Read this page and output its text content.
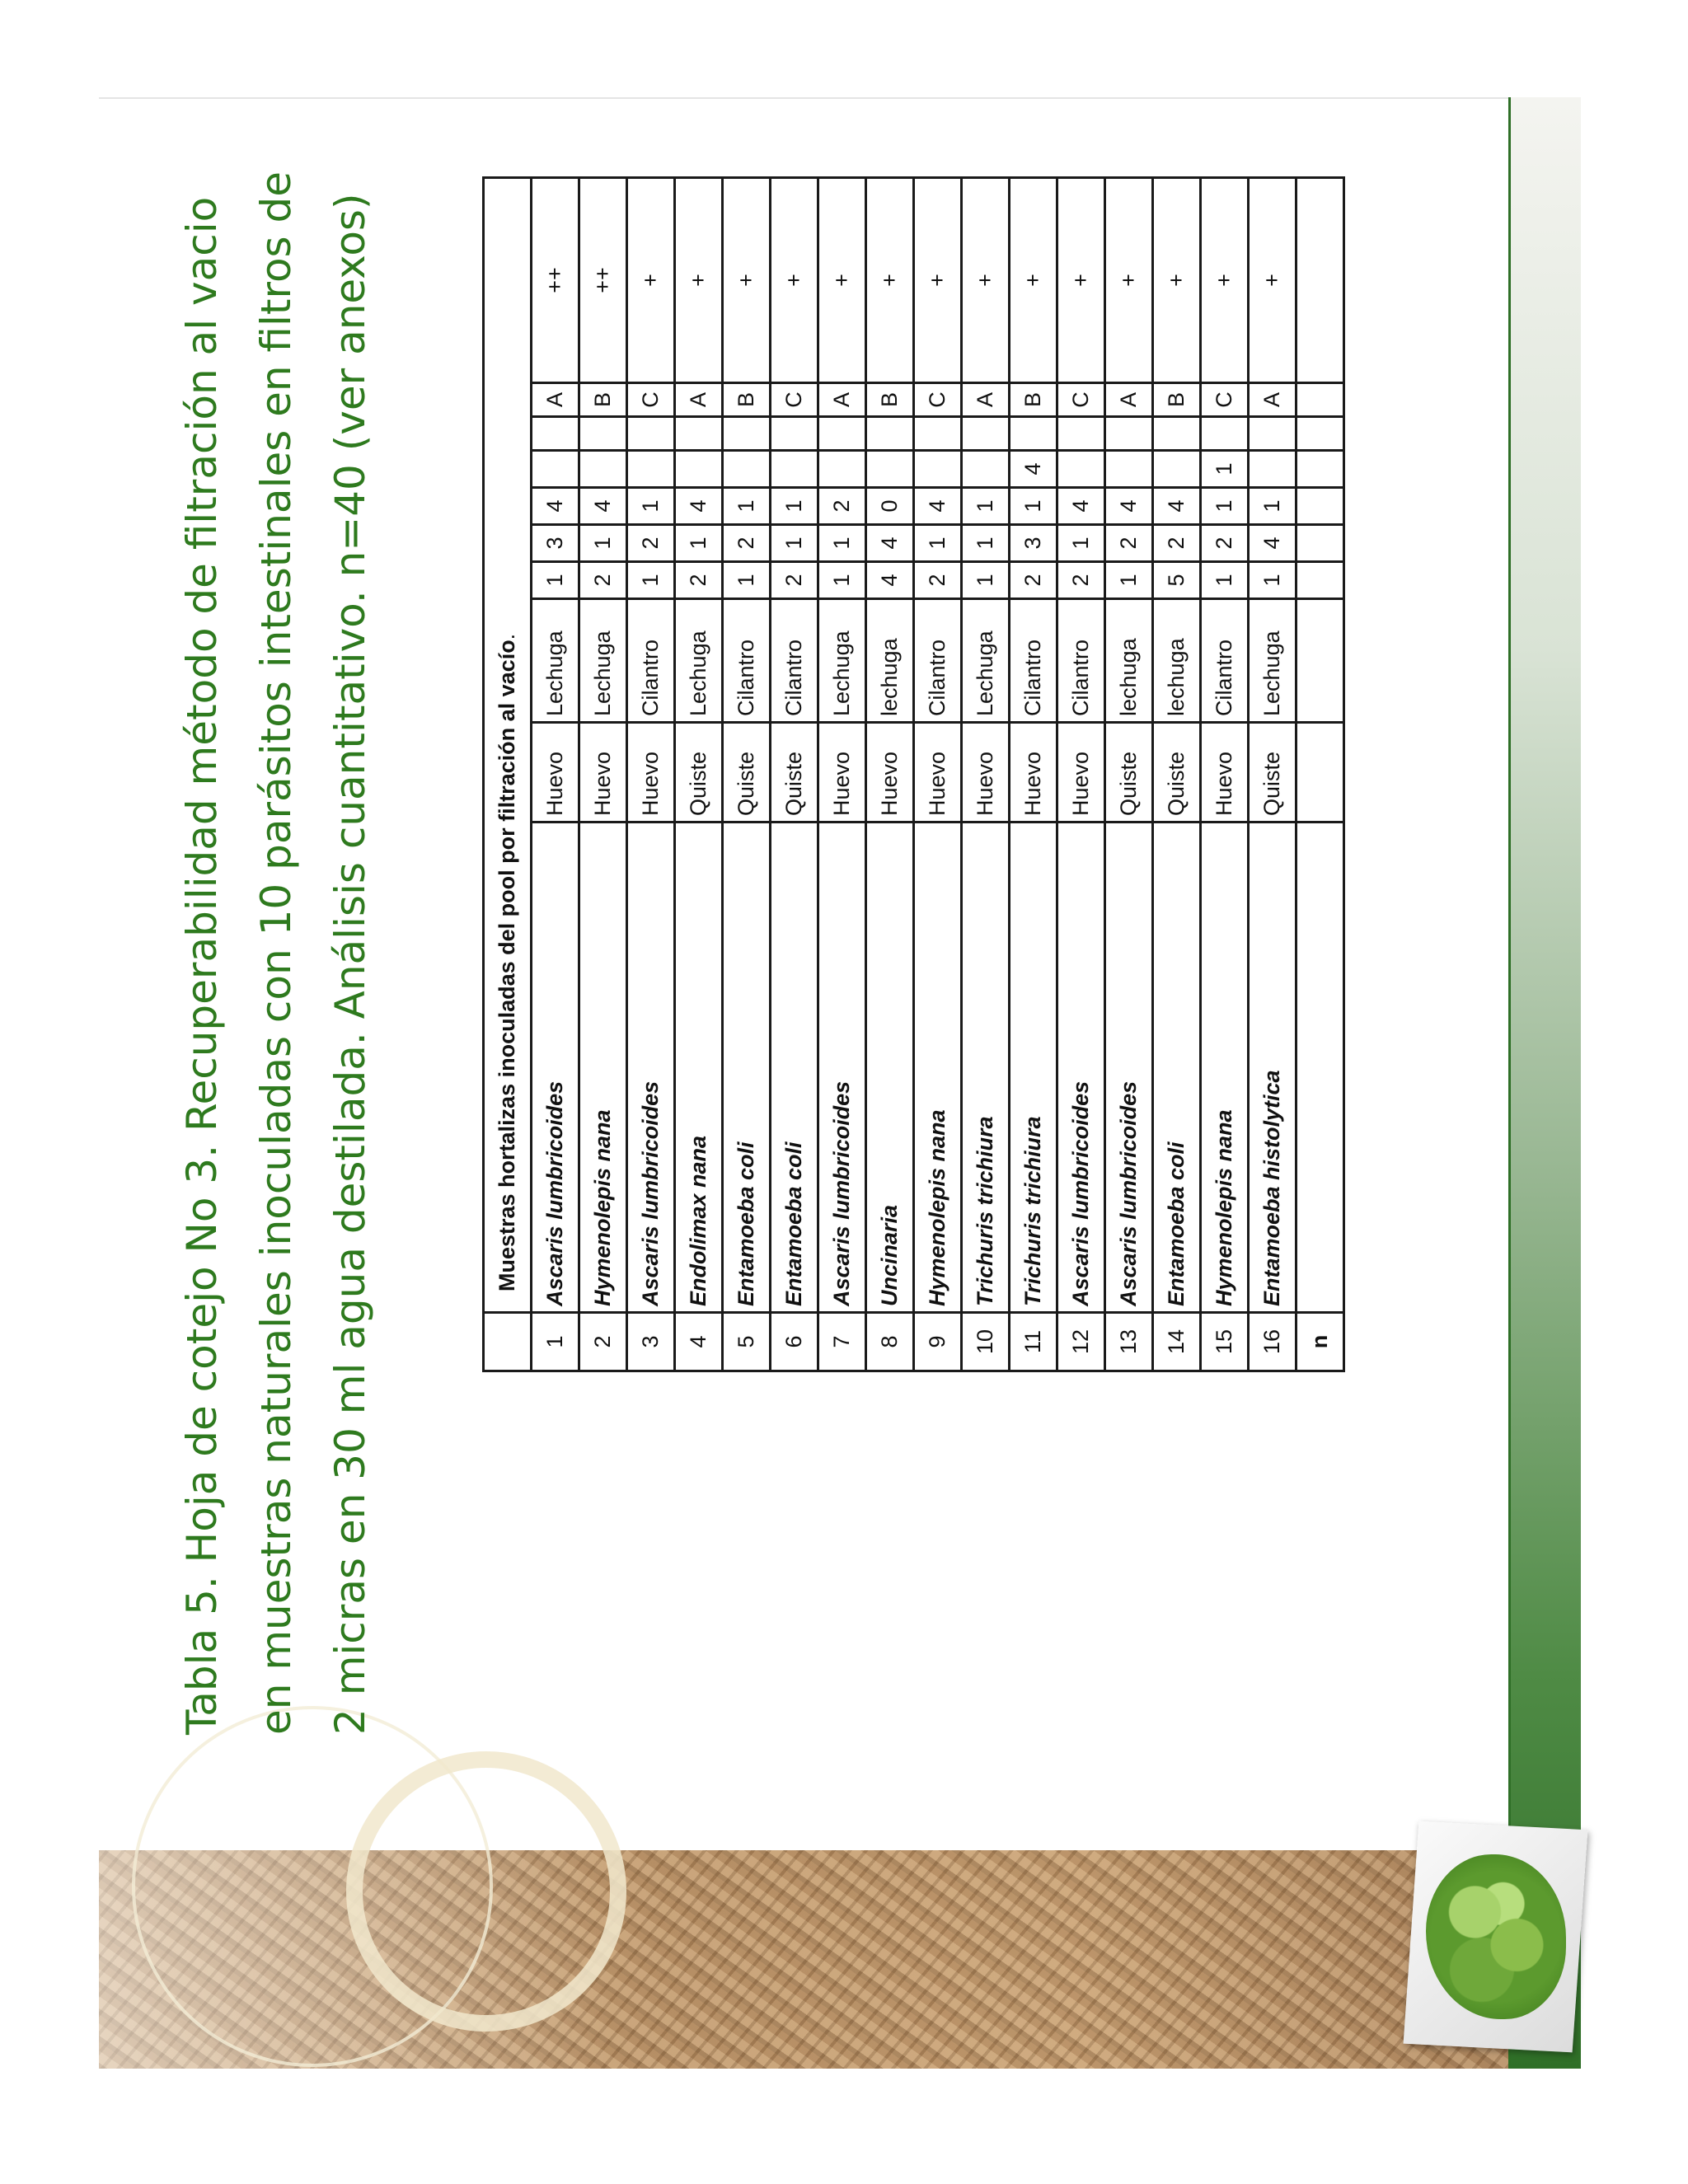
Tabla 5. Hoja de cotejo No 3. Recuperabilidad método de filtración al vacio en muestras naturales inoculadas con 10 parásitos intestinales en filtros de 2 micras en 30 ml agua destilada. Análisis cuantitativo. n=40 (ver anexos)

		Muestras hortalizas inoculadas del pool por filtración al vacío.									
1	Ascaris lumbricoides	Huevo	Lechuga	1	3	4			A	++
2	Hymenolepis nana	Huevo	Lechuga	2	1	4			B	++
3	Ascaris lumbricoides	Huevo	Cilantro	1	2	1			C	+
4	Endolimax nana	Quiste	Lechuga	2	1	4			A	+
5	Entamoeba coli	Quiste	Cilantro	1	2	1			B	+
6	Entamoeba coli	Quiste	Cilantro	2	1	1			C	+
7	Ascaris lumbricoides	Huevo	Lechuga	1	1	2			A	+
8	Uncinaria	Huevo	lechuga	4	4	0			B	+
9	Hymenolepis nana	Huevo	Cilantro	2	1	4			C	+
10	Trichuris trichiura	Huevo	Lechuga	1	1	1			A	+
11	Trichuris trichiura	Huevo	Cilantro	2	3	1	4		B	+
12	Ascaris lumbricoides	Huevo	Cilantro	2	1	4			C	+
13	Ascaris lumbricoides	Quiste	lechuga	1	2	4			A	+
14	Entamoeba coli	Quiste	lechuga	5	2	4			B	+
15	Hymenolepis nana	Huevo	Cilantro	1	2	1	1		C	+
16	Entamoeba histolytica	Quiste	Lechuga	1	4	1			A	+
n										
